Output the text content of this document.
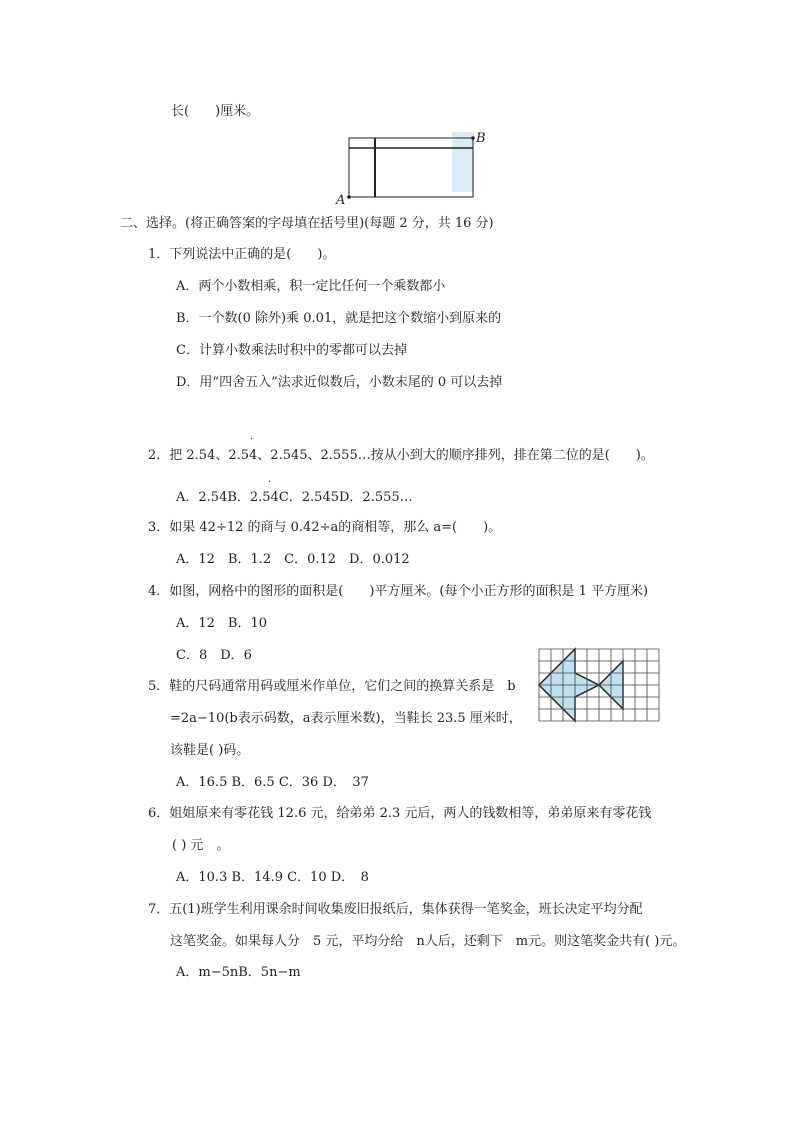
长(　　)厘米。
A
B
二、选择。(将正确答案的字母填在括号里)(每题 2 分，共 16 分)
1．下列说法中正确的是(　　)。
A．两个小数相乘，积一定比任何一个乘数都小
B．一个数(0 除外)乘 0.01，就是把这个数缩小到原来的
C．计算小数乘法时积中的零都可以去掉
D．用“四舍五入”法求近似数后，小数末尾的 0 可以去掉
·
2．把 2.54、2.54、2.545、2.555…按从小到大的顺序排列，排在第二位的是(　　)。
·
A．2.54B．2.54C．2.545D．2.555…
3．如果 42÷12 的商与 0.42÷a的商相等，那么 a=(　　)。
A．12　B．1.2　C．0.12　D．0.012
4．如图，网格中的图形的面积是(　　)平方厘米。(每个小正方形的面积是 1 平方厘米)
A．12　B．10
C．8　D．6
5．鞋的尺码通常用码或厘米作单位，它们之间的换算关系是　b
=2a−10(b表示码数，a表示厘米数)，当鞋长 23.5 厘米时，
该鞋是( )码。
A．16.5 B．6.5 C．36 D．　37
6．姐姐原来有零花钱 12.6 元，给弟弟 2.3 元后，两人的钱数相等，弟弟原来有零花钱
( ) 元　。
A．10.3 B．14.9 C．10 D．　8
7．五(1)班学生利用课余时间收集废旧报纸后，集体获得一笔奖金，班长决定平均分配
这笔奖金。如果每人分　5 元，平均分给　n人后，还剩下　m元。则这笔奖金共有( )元。
A．m−5nB．5n−m
